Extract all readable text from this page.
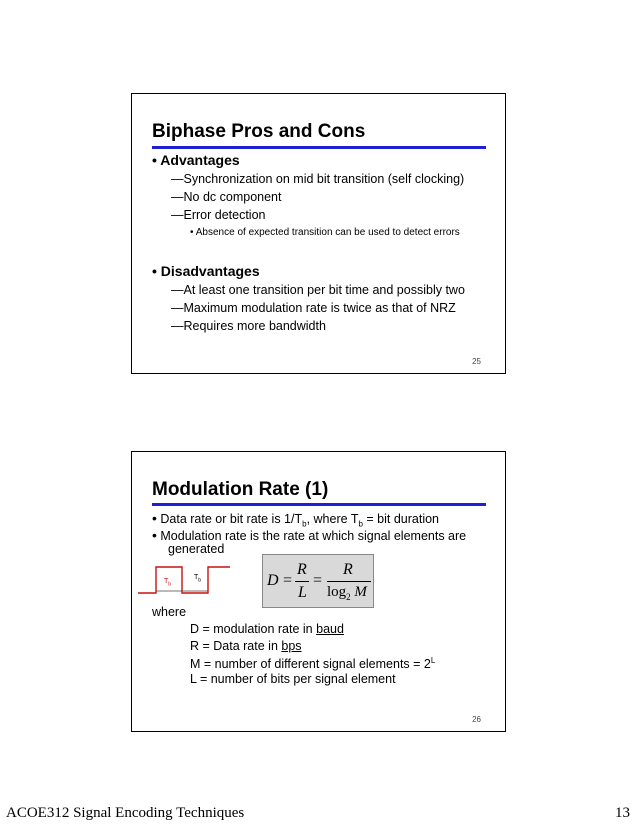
Biphase Pros and Cons
• Advantages
—Synchronization on mid bit transition (self clocking)
—No dc component
—Error detection
• Absence of expected transition can be used to detect errors
• Disadvantages
—At least one transition per bit time and possibly two
—Maximum modulation rate is twice as that of NRZ
—Requires more bandwidth
25
Modulation Rate (1)
• Data rate or bit rate is $1/T_b$, where $T_b$ = bit duration
• Modulation rate is the rate at which signal elements are
generated
$T_b$
$T_b$	D =
R
L
=
R
$\log_2 M$
where
D = modulation rate in baud
R = Data rate in bps
M = number of different signal elements = $2^L$
L = number of bits per signal element
26
ACOE312 Signal Encoding Techniques	13
